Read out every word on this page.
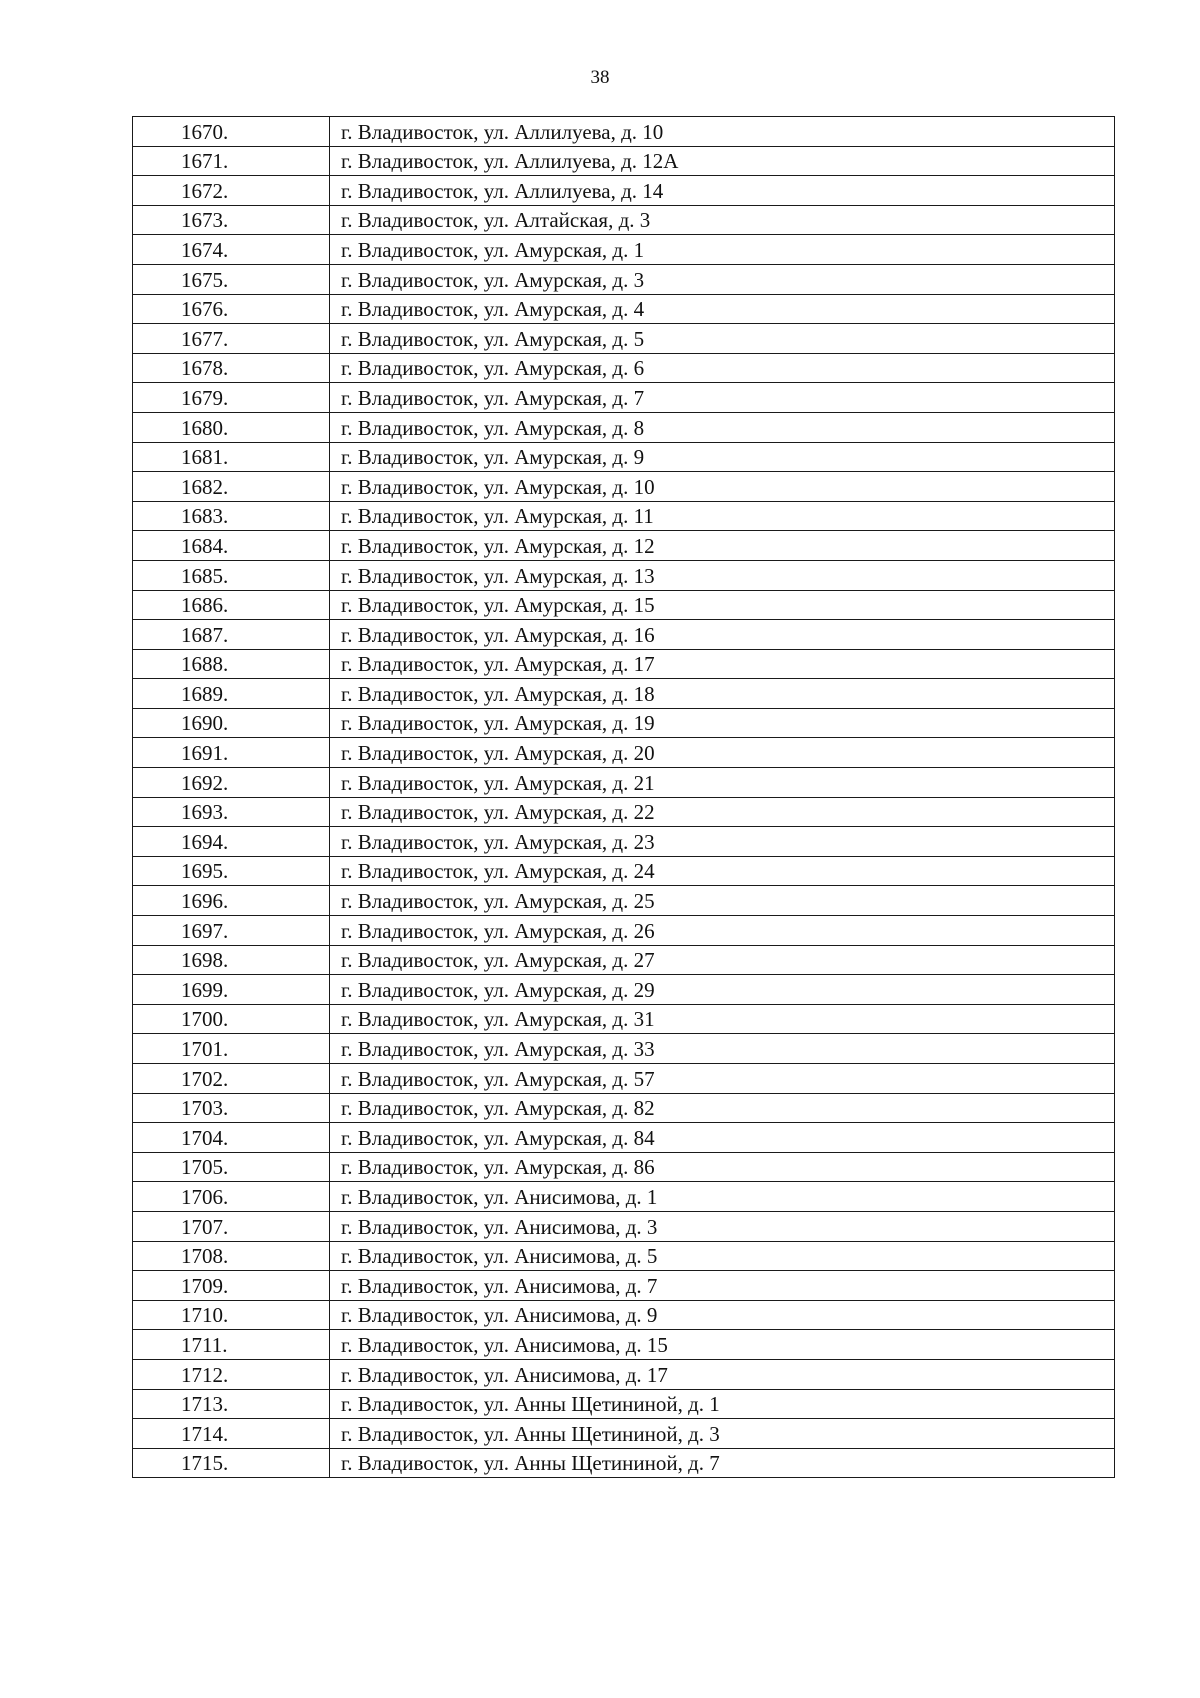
38
1670.	г. Владивосток, ул. Аллилуева, д. 10
1671.	г. Владивосток, ул. Аллилуева, д. 12А
1672.	г. Владивосток, ул. Аллилуева, д. 14
1673.	г. Владивосток, ул. Алтайская, д. 3
1674.	г. Владивосток, ул. Амурская, д. 1
1675.	г. Владивосток, ул. Амурская, д. 3
1676.	г. Владивосток, ул. Амурская, д. 4
1677.	г. Владивосток, ул. Амурская, д. 5
1678.	г. Владивосток, ул. Амурская, д. 6
1679.	г. Владивосток, ул. Амурская, д. 7
1680.	г. Владивосток, ул. Амурская, д. 8
1681.	г. Владивосток, ул. Амурская, д. 9
1682.	г. Владивосток, ул. Амурская, д. 10
1683.	г. Владивосток, ул. Амурская, д. 11
1684.	г. Владивосток, ул. Амурская, д. 12
1685.	г. Владивосток, ул. Амурская, д. 13
1686.	г. Владивосток, ул. Амурская, д. 15
1687.	г. Владивосток, ул. Амурская, д. 16
1688.	г. Владивосток, ул. Амурская, д. 17
1689.	г. Владивосток, ул. Амурская, д. 18
1690.	г. Владивосток, ул. Амурская, д. 19
1691.	г. Владивосток, ул. Амурская, д. 20
1692.	г. Владивосток, ул. Амурская, д. 21
1693.	г. Владивосток, ул. Амурская, д. 22
1694.	г. Владивосток, ул. Амурская, д. 23
1695.	г. Владивосток, ул. Амурская, д. 24
1696.	г. Владивосток, ул. Амурская, д. 25
1697.	г. Владивосток, ул. Амурская, д. 26
1698.	г. Владивосток, ул. Амурская, д. 27
1699.	г. Владивосток, ул. Амурская, д. 29
1700.	г. Владивосток, ул. Амурская, д. 31
1701.	г. Владивосток, ул. Амурская, д. 33
1702.	г. Владивосток, ул. Амурская, д. 57
1703.	г. Владивосток, ул. Амурская, д. 82
1704.	г. Владивосток, ул. Амурская, д. 84
1705.	г. Владивосток, ул. Амурская, д. 86
1706.	г. Владивосток, ул. Анисимова, д. 1
1707.	г. Владивосток, ул. Анисимова, д. 3
1708.	г. Владивосток, ул. Анисимова, д. 5
1709.	г. Владивосток, ул. Анисимова, д. 7
1710.	г. Владивосток, ул. Анисимова, д. 9
1711.	г. Владивосток, ул. Анисимова, д. 15
1712.	г. Владивосток, ул. Анисимова, д. 17
1713.	г. Владивосток, ул. Анны Щетининой, д. 1
1714.	г. Владивосток, ул. Анны Щетининой, д. 3
1715.	г. Владивосток, ул. Анны Щетининой, д. 7
